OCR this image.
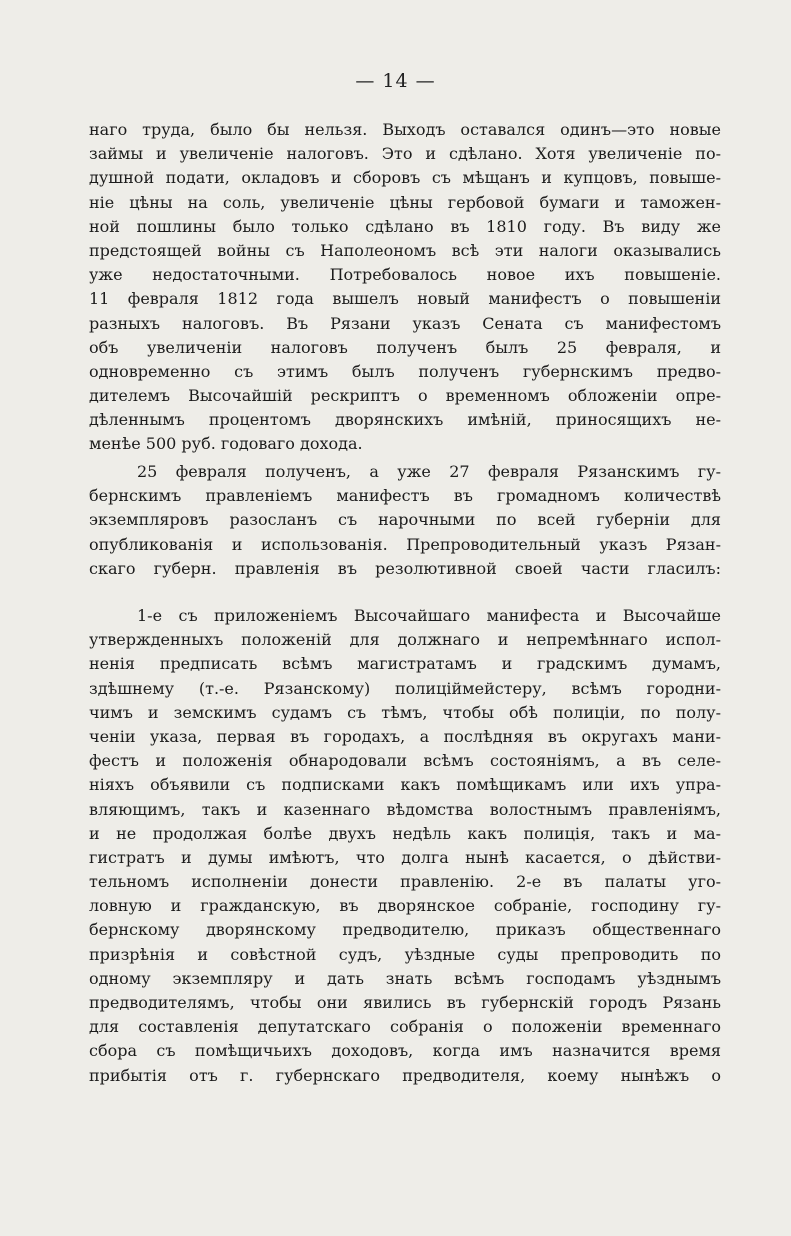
— 14 —
наго труда, было бы нельзя. Выходъ оставался одинъ—это новые
займы и увеличеніе налоговъ. Это и сдѣлано. Хотя увеличеніе по-
душной подати, окладовъ и сборовъ съ мѣщанъ и купцовъ, повыше-
ніе цѣны на соль, увеличеніе цѣны гербовой бумаги и таможен-
ной пошлины было только сдѣлано въ 1810 году. Въ виду же
предстоящей войны съ Наполеономъ всѣ эти налоги оказывались
уже недостаточными. Потребовалось новое ихъ повышеніе.
11 февраля 1812 года вышелъ новый манифестъ о повышеніи
разныхъ налоговъ. Въ Рязани указъ Сената съ манифестомъ
объ увеличеніи налоговъ полученъ былъ 25 февраля, и
одновременно съ этимъ былъ полученъ губернскимъ предво-
дителемъ Высочайшій рескриптъ о временномъ обложеніи опре-
дѣленнымъ процентомъ дворянскихъ имѣній, приносящихъ не-
менѣе 500 руб. годоваго дохода.
25 февраля полученъ, а уже 27 февраля Рязанскимъ гу-
бернскимъ правленіемъ манифестъ въ громадномъ количествѣ
экземпляровъ разосланъ съ нарочными по всей губерніи для
опубликованія и использованія. Препроводительный указъ Рязан-
скаго губерн. правленія въ резолютивной своей части гласилъ:
1-е съ приложеніемъ Высочайшаго манифеста и Высочайше
утвержденныхъ положеній для должнаго и непремѣннаго испол-
ненія предписать всѣмъ магистратамъ и градскимъ думамъ,
здѣшнему (т.-е. Рязанскому) полиціймейстеру, всѣмъ городни-
чимъ и земскимъ судамъ съ тѣмъ, чтобы обѣ полиціи, по полу-
ченіи указа, первая въ городахъ, а послѣдняя въ округахъ мани-
фестъ и положенія обнародовали всѣмъ состояніямъ, а въ селе-
ніяхъ объявили съ подписками какъ помѣщикамъ или ихъ упра-
вляющимъ, такъ и казеннаго вѣдомства волостнымъ правленіямъ,
и не продолжая болѣе двухъ недѣль какъ полиція, такъ и ма-
гистратъ и думы имѣютъ, что долга нынѣ касается, о дѣйстви-
тельномъ исполненіи донести правленію. 2-е въ палаты уго-
ловную и гражданскую, въ дворянское собраніе, господину гу-
бернскому дворянскому предводителю, приказъ общественнаго
призрѣнія и совѣстной судъ, уѣздные суды препроводить по
одному экземпляру и дать знать всѣмъ господамъ уѣзднымъ
предводителямъ, чтобы они явились въ губернскій городъ Рязань
для составленія депутатскаго собранія о положеніи временнаго
сбора съ помѣщичьихъ доходовъ, когда имъ назначится время
прибытія отъ г. губернскаго предводителя, коему нынѣжъ о
